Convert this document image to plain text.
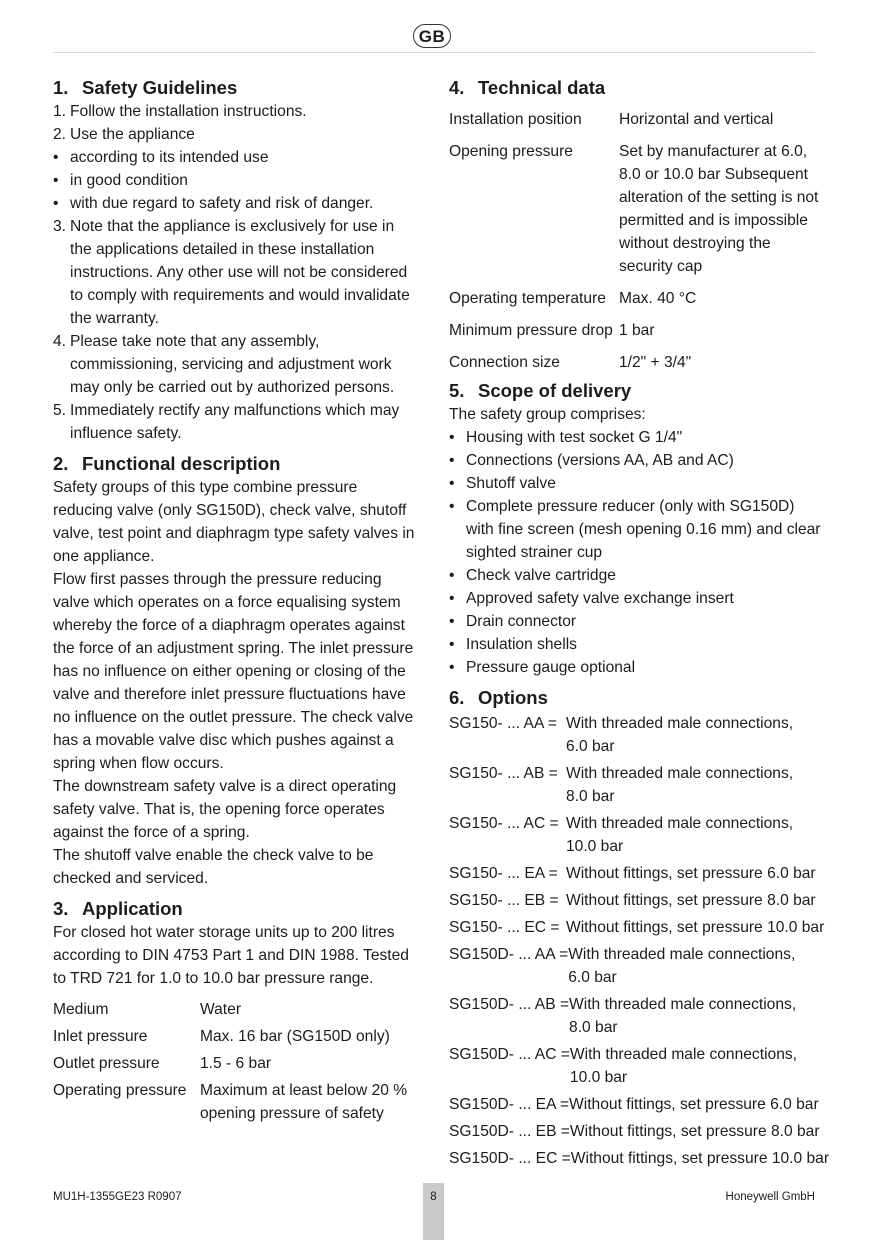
GB
1. Safety Guidelines
1. Follow the installation instructions.
2. Use the appliance
• according to its intended use
• in good condition
• with due regard to safety and risk of danger.
3. Note that the appliance is exclusively for use in the applications detailed in these installation instructions. Any other use will not be considered to comply with requirements and would invalidate the warranty.
4. Please take note that any assembly, commissioning, servicing and adjustment work may only be carried out by authorized persons.
5. Immediately rectify any malfunctions which may influence safety.
2. Functional description

Safety groups of this type combine pressure reducing valve (only SG150D), check valve, shutoff valve, test point and diaphragm type safety valves in one appliance.

Flow first passes through the pressure reducing valve which operates on a force equalising system whereby the force of a diaphragm operates against the force of an adjustment spring. The inlet pressure has no influence on either opening or closing of the valve and therefore inlet pressure fluctuations have no influence on the outlet pressure. The check valve has a movable valve disc which pushes against a spring when flow occurs.

The downstream safety valve is a direct operating safety valve. That is, the opening force operates against the force of a spring.

The shutoff valve enable the check valve to be checked and serviced.

3. Application

For closed hot water storage units up to 200 litres according to DIN 4753 Part 1 and DIN 1988. Tested to TRD 721 for 1.0 to 10.0 bar pressure range.

Medium	Water
Inlet pressure	Max. 16 bar (SG150D only)
Outlet pressure	1.5 - 6 bar
Operating pressure Maximum at least below 20 % opening pressure of safety
4. Technical data
Installation position	Horizontal and vertical
Opening pressure	Set by manufacturer at 6.0, 8.0 or 10.0 bar Subsequent alteration of the setting is not permitted and is impossible without destroying the security cap
Operating temperature Max. 40 °C
Minimum pressure drop 1 bar
Connection size	1/2" + 3/4"
5. Scope of delivery

The safety group comprises:

• Housing with test socket G 1/4"
• Connections (versions AA, AB and AC)
• Shutoff valve
• Complete pressure reducer (only with SG150D) with fine screen (mesh opening 0.16 mm) and clear sighted strainer cup
• Check valve cartridge
• Approved safety valve exchange insert
• Drain connector
• Insulation shells
• Pressure gauge optional
6. Options
SG150- ... AA = With threaded male connections,
6.0 bar
SG150- ... AB = With threaded male connections,
8.0 bar
SG150- ... AC = With threaded male connections,
10.0 bar
SG150- ... EA = Without fittings, set pressure 6.0 bar
SG150- ... EB = Without fittings, set pressure 8.0 bar
SG150- ... EC = Without fittings, set pressure 10.0 bar
SG150D- ... AA = With threaded male connections,
6.0 bar
SG150D- ... AB = With threaded male connections,
8.0 bar
SG150D- ... AC = With threaded male connections,
10.0 bar
SG150D- ... EA = Without fittings, set pressure 6.0 bar
SG150D- ... EB = Without fittings, set pressure 8.0 bar
SG150D- ... EC = Without fittings, set pressure 10.0 bar
MU1H-1355GE23 R0907	8	Honeywell GmbH
